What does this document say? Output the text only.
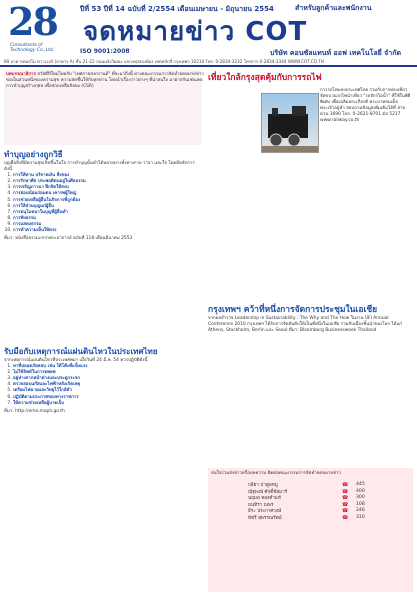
28
Consultants of Technology Co.,Ltd.
ปีที่ 53 ปีที่ 14 ฉบับที่ 2/2554 เดือนเมษายน - มิถุนายน 2554	สำหรับลูกค้าและพนักงาน
จดหมายข่าว COT
ISO 9001:2008	บริษัท คอนซัลแทนท์ ออฟ เทคโนโลยี่ จำกัด
89 อาคารคอสโม ทาวเวอร์ (อาคาร A) ชั้น 21-22 ถนนแจ้งวัฒนะ แขวงทุ่งสองห้อง เขตหลักสี่ กรุงเทพฯ 10210 โทร. 0-2834-3232 โทรสาร 0-2834-3344 WWW.COT.CO.TH

บทบรรณาธิการ สวัสดีปีใหม่ไทยกับ "เทศกาลสงกรานต์" ที่จะมาถึงนี้ ทางคณะกรรมการจัดทำจดหมายข่าวขอเป็นส่วนหนึ่งของความสุข ความสดชื่นให้กับทุกท่าน โดยนำเรื่องราวต่างๆ ที่น่าสนใจ มาฝากกันเช่นเคย การทำบุญสร้างกุศล เพื่อช่วยเหลือสังคม (CSR)

ทำบุญอย่างถูกวิธี

บุญคือสิ่งที่มีความสุขเกิดขึ้นในใจ การทำบุญนั้นทำได้หลายทางทั้งทางกาย วาจา และใจ โดยมีหลักการดังนี้

1. การให้ทาน บริจาคเงิน สิ่งของ
2. การรักษาศีล ประพฤติตนอยู่ในศีลธรรม
3. การเจริญภาวนา ฝึกจิตให้สงบ
4. การอ่อนน้อมถ่อมตน เคารพผู้ใหญ่
5. การช่วยเหลือผู้อื่นในกิจการที่ถูกต้อง
6. การให้ส่วนบุญแก่ผู้อื่น
7. การอนุโมทนาในบุญที่ผู้อื่นทำ
8. การฟังธรรม
9. การแสดงธรรม
10. การทำความเห็นให้ตรง

ที่มา: หนังสือธรรมะจากพระอาจารย์ ฉบับที่ 118 เดือนมีนาคม 2553

รับมือกับเหตุการณ์แผ่นดินไหวในประเทศไทย

จากเหตุการณ์แผ่นดินไหวที่ประเทศพม่า เมื่อวันที่ 24 มี.ค. 54 ควรปฏิบัติดังนี้

1. หาที่ปลอดภัยหลบ เช่น ใต้โต๊ะที่แข็งแรง
2. ไม่ใช้ลิฟต์ในการอพยพ
3. อยู่ห่างจากหน้าต่างและประตูกระจก
4. ตรวจสอบแก๊สและไฟฟ้าหลังเกิดเหตุ
5. เตรียมไฟฉายและวิทยุไว้ใกล้ตัว
6. ปฏิบัติตามประกาศของทางราชการ
7. ให้ความช่วยเหลือผู้บาดเจ็บ

ที่มา: http://emo.moph.go.th

เที่ยวใกล้กรุงสุดคุ้มกับการรถไฟ

การรถไฟแห่งประเทศไทย ร่วมกับการท่องเที่ยว จัดขบวนรถไฟนำเที่ยว "รถจักรไอน้ำ" ที่ใช้ในพิธีพิเศษ เพื่อเฉลิมพระเกียรติ พระบาทสมเด็จพระเจ้าอยู่หัว สอบถามข้อมูลเพิ่มเติมได้ที่ สายด่วน 1690 โทร. 0-2621-8701 ต่อ 5217 www.railway.co.th

กรุงเทพฯ คว้าที่หนึ่งการจัดการประชุมในเอเชีย

จากผลสำรวจ Leadership in Sustainability : The Why and The How ในงาน UFI Annual Conference 2010 กรุงเทพฯ ได้รับการจัดอันดับให้เป็นที่หนึ่งในเอเชีย ร่วมกับเมืองชั้นนำของโลก ได้แก่ Athens, Stockholm, Berlin และ Seoul ที่มา: Bloomberg Businessweek Thailand

สนใจร่วมส่งข่าวหรือบทความ ติดต่อคณะกรรมการจัดทำจดหมายข่าว

กลิยา ปาคูลหมู	☎ 445
ณัฐพงษ์ ศักดิ์ชัยมาร์	☎ 400
นฤมล ทองคำแท้	☎ 300
มนทิรา ณพร	☎ 108
ธีระ ประกาศวงษ์	☎ 246
พัชรี สุพรรณรัตน์	☎ 310
